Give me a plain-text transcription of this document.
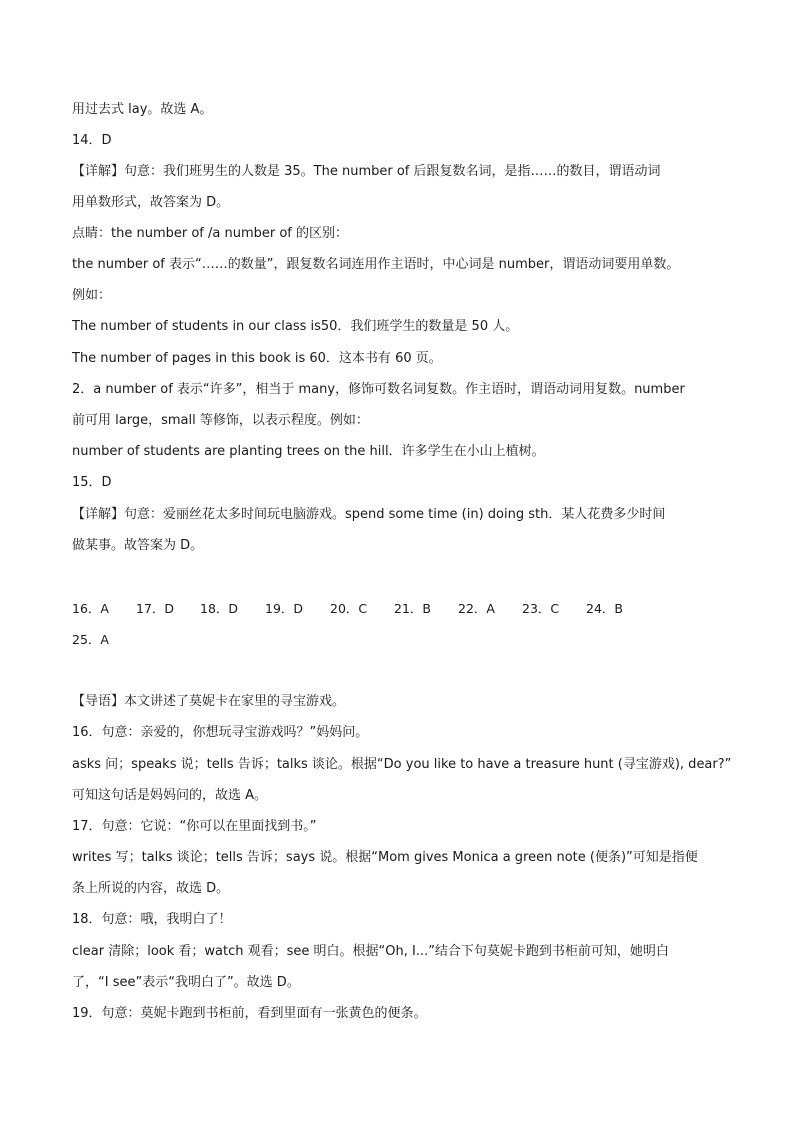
用过去式 lay。故选 A。
14．D
【详解】句意：我们班男生的人数是 35。The number of 后跟复数名词，是指……的数目，谓语动词
用单数形式，故答案为 D。
点睛：the number of /a number of 的区别：
the number of 表示“……的数量”，跟复数名词连用作主语时，中心词是 number，谓语动词要用单数。
例如：
The number of students in our class is50．我们班学生的数量是 50 人。
The number of pages in this book is 60．这本书有 60 页。
2．a number of 表示“许多”，相当于 many，修饰可数名词复数。作主语时，谓语动词用复数。number
前可用 large，small 等修饰，以表示程度。例如：
number of students are planting trees on the hill．许多学生在小山上植树。
15．D
【详解】句意：爱丽丝花太多时间玩电脑游戏。spend some time (in) doing sth．某人花费多少时间
做某事。故答案为 D。
16．A 17．D 18．D 19．D 20．C 21．B 22．A 23．C 24．B
25．A
【导语】本文讲述了莫妮卡在家里的寻宝游戏。
16．句意：亲爱的，你想玩寻宝游戏吗？”妈妈问。
asks 问；speaks 说；tells 告诉；talks 谈论。根据“Do you like to have a treasure hunt (寻宝游戏), dear?”
可知这句话是妈妈问的，故选 A。
17．句意：它说：“你可以在里面找到书。”
writes 写；talks 谈论；tells 告诉；says 说。根据“Mom gives Monica a green note (便条)”可知是指便
条上所说的内容，故选 D。
18．句意：哦，我明白了！
clear 清除；look 看；watch 观看；see 明白。根据“Oh, I...”结合下句莫妮卡跑到书柜前可知，她明白
了，“I see”表示“我明白了”。故选 D。
19．句意：莫妮卡跑到书柜前，看到里面有一张黄色的便条。
